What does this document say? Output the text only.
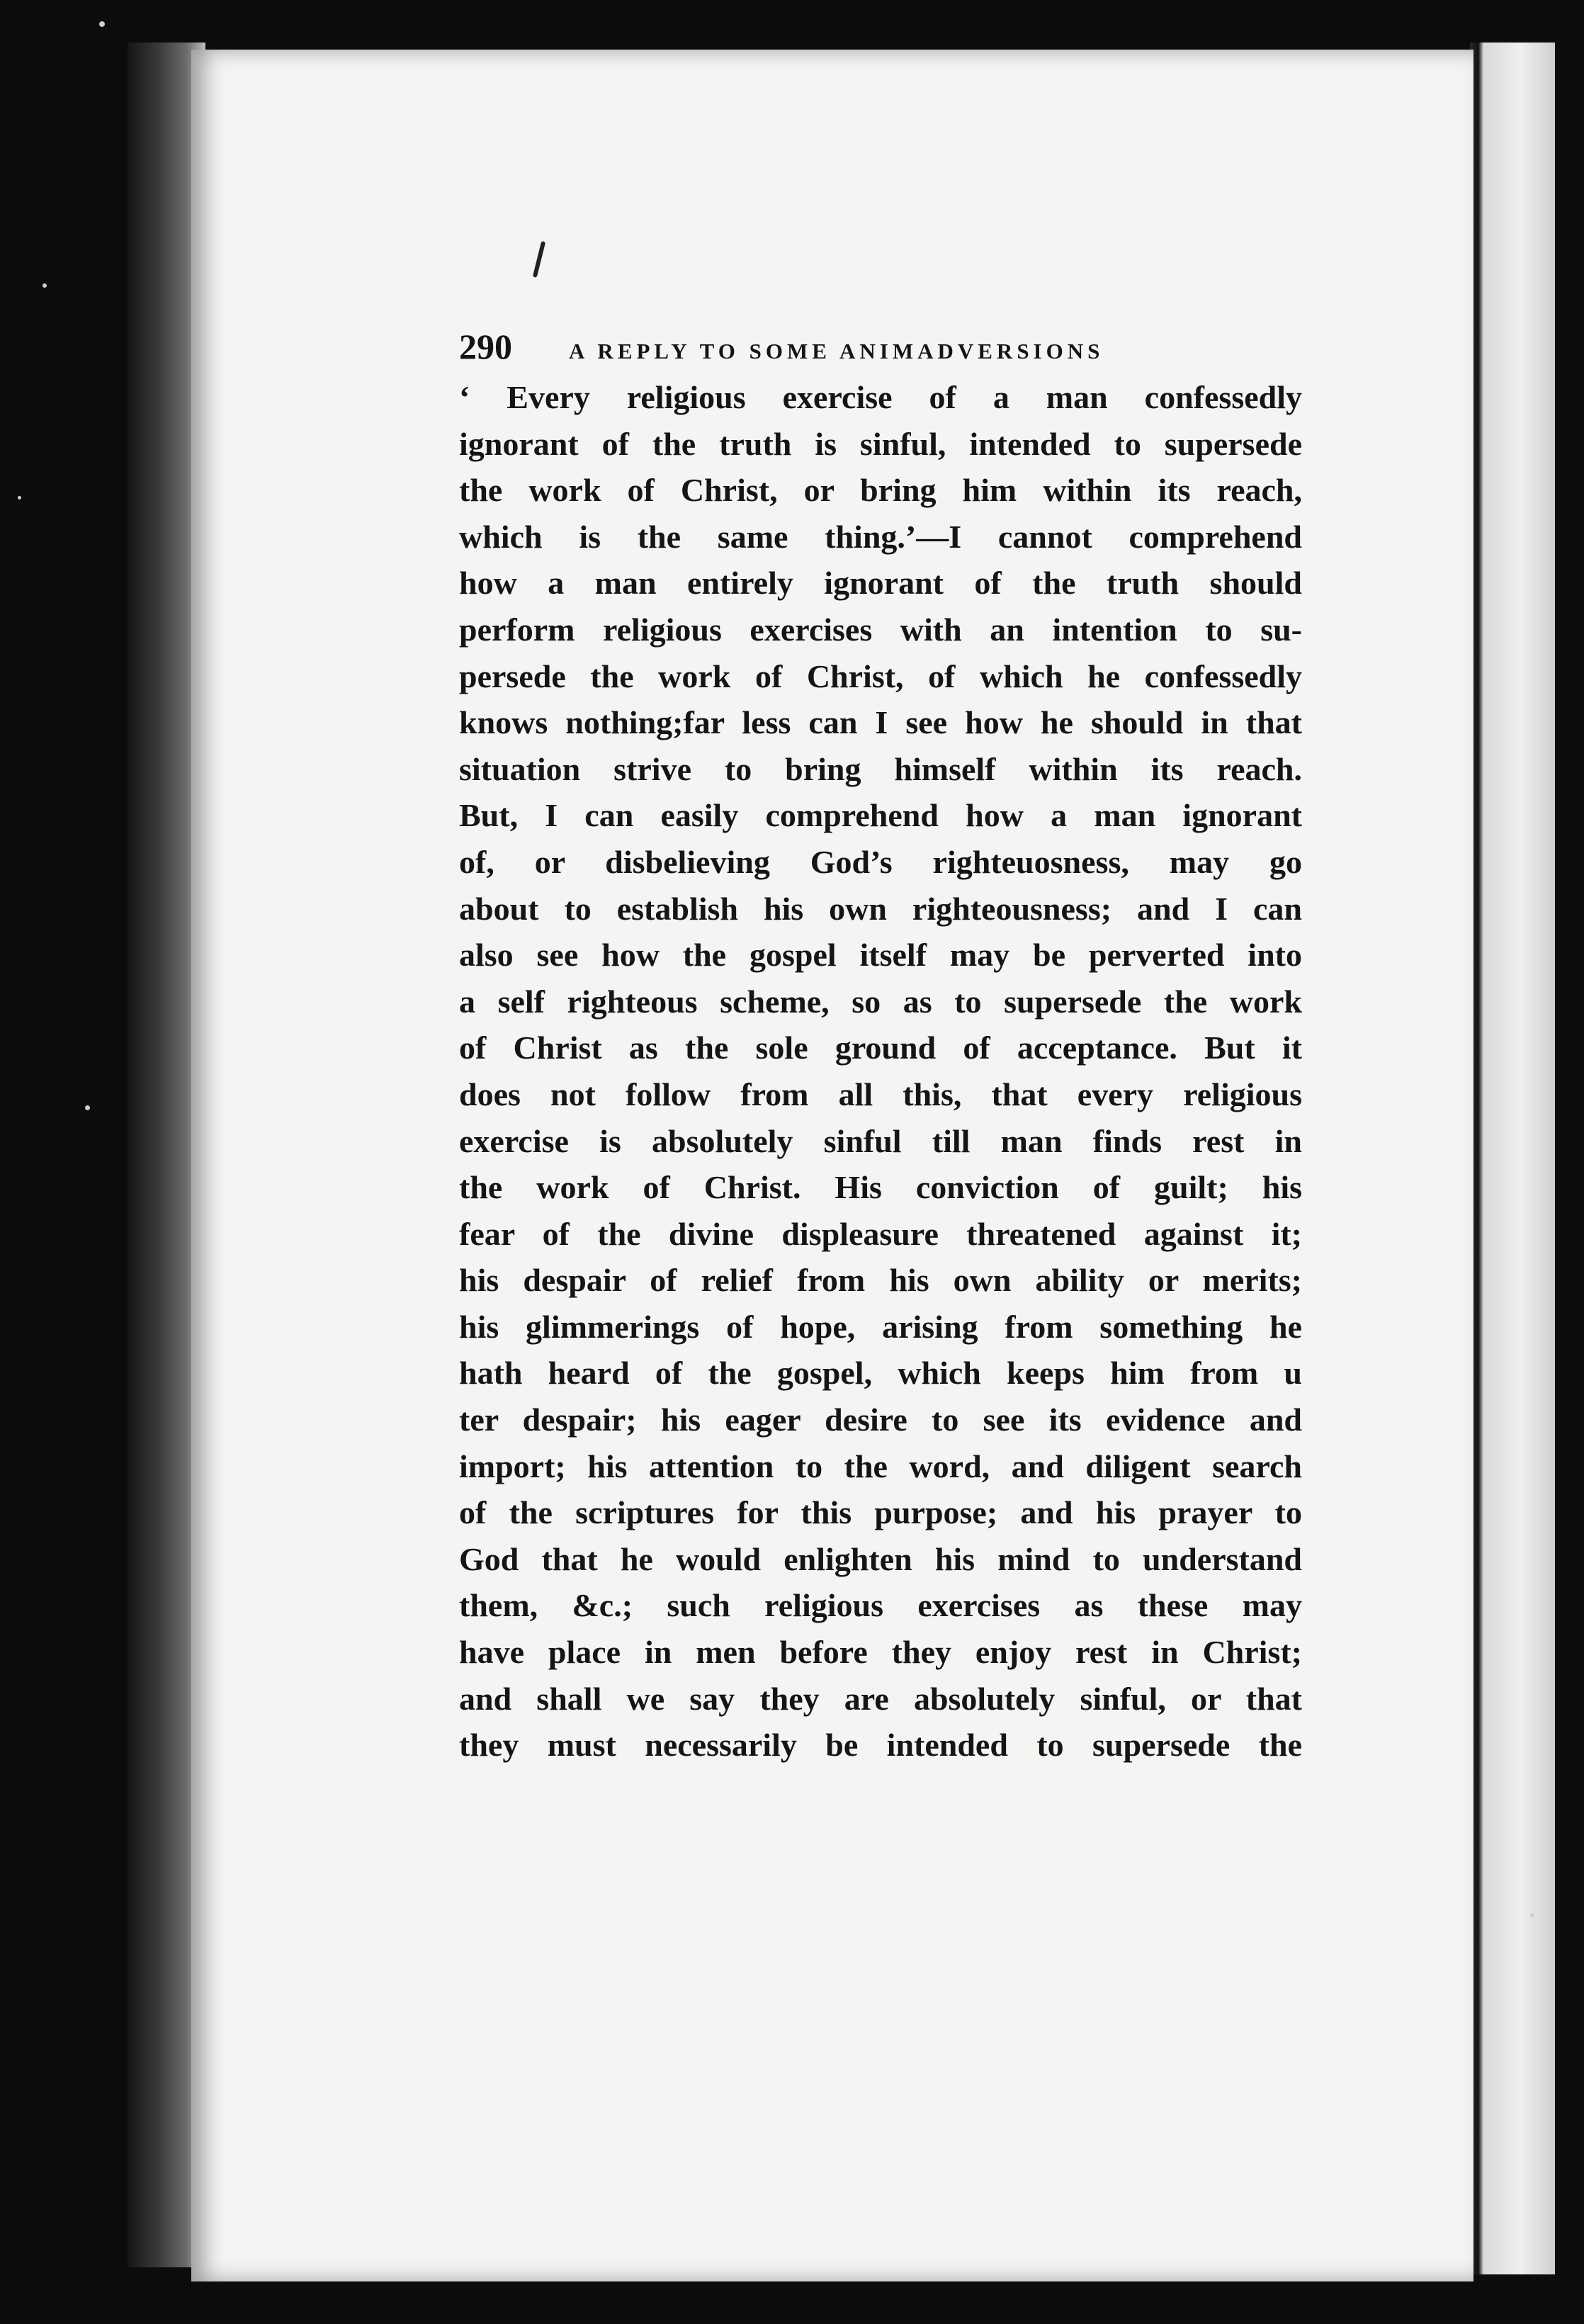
290	A REPLY TO SOME ANIMADVERSIONS
‘ Every religious exercise of a man confessedly
ignorant of the truth is sinful, intended to supersede
the work of Christ, or bring him within its reach,
which is the same thing.’—I cannot comprehend
how a man entirely ignorant of the truth should
perform religious exercises with an intention to su-
persede the work of Christ, of which he confessedly
knows nothing;far less can I see how he should in that
situation strive to bring himself within its reach.
But, I can easily comprehend how a man ignorant
of, or disbelieving God’s righteuosness, may go
about to establish his own righteousness; and I can
also see how the gospel itself may be perverted into
a self righteous scheme, so as to supersede the work
of Christ as the sole ground of acceptance. But it
does not follow from all this, that every religious
exercise is absolutely sinful till man finds rest in
the work of Christ. His conviction of guilt; his
fear of the divine displeasure threatened against it;
his despair of relief from his own ability or merits;
his glimmerings of hope, arising from something he
hath heard of the gospel, which keeps him from u
ter despair; his eager desire to see its evidence and
import; his attention to the word, and diligent search
of the scriptures for this purpose; and his prayer to
God that he would enlighten his mind to understand
them, &c.; such religious exercises as these may
have place in men before they enjoy rest in Christ;
and shall we say they are absolutely sinful, or that
they must necessarily be intended to supersede the
